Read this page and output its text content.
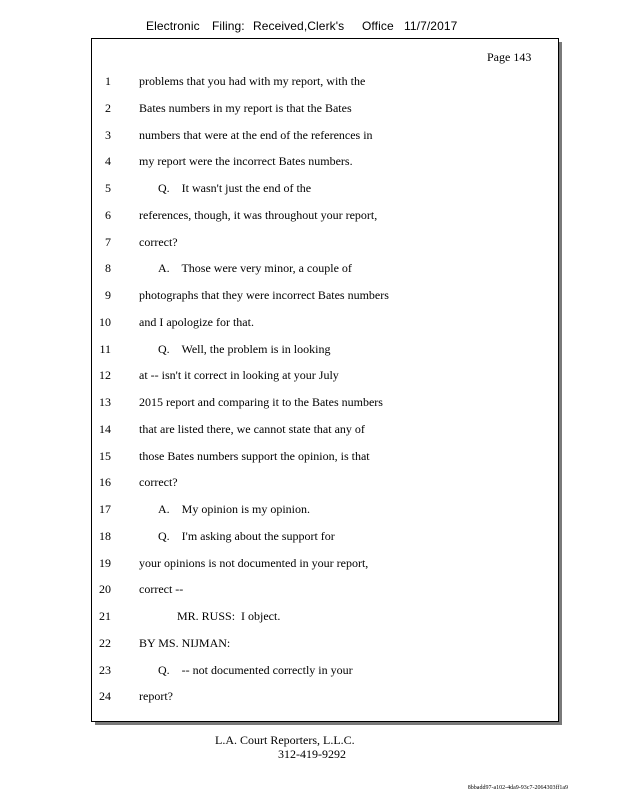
Electronic Filing: Received,Clerk's Office 11/7/2017
Page 143
1 problems that you had with my report, with the
2 Bates numbers in my report is that the Bates
3 numbers that were at the end of the references in
4 my report were the incorrect Bates numbers.
5	Q.    It wasn't just the end of the
6 references, though, it was throughout your report,
7 correct?
8	A.    Those were very minor, a couple of
9 photographs that they were incorrect Bates numbers
10 and I apologize for that.
11	Q.    Well, the problem is in looking
12 at -- isn't it correct in looking at your July
13 2015 report and comparing it to the Bates numbers
14 that are listed there, we cannot state that any of
15 those Bates numbers support the opinion, is that
16 correct?
17	A.    My opinion is my opinion.
18	Q.    I'm asking about the support for
19 your opinions is not documented in your report,
20 correct --
21	MR. RUSS:  I object.
22 BY MS. NIJMAN:
23	Q.    -- not documented correctly in your
24 report?
L.A. Court Reporters, L.L.C.
312-419-9292
8bbadd97-a102-4da9-93c7-2064303ff1a9
